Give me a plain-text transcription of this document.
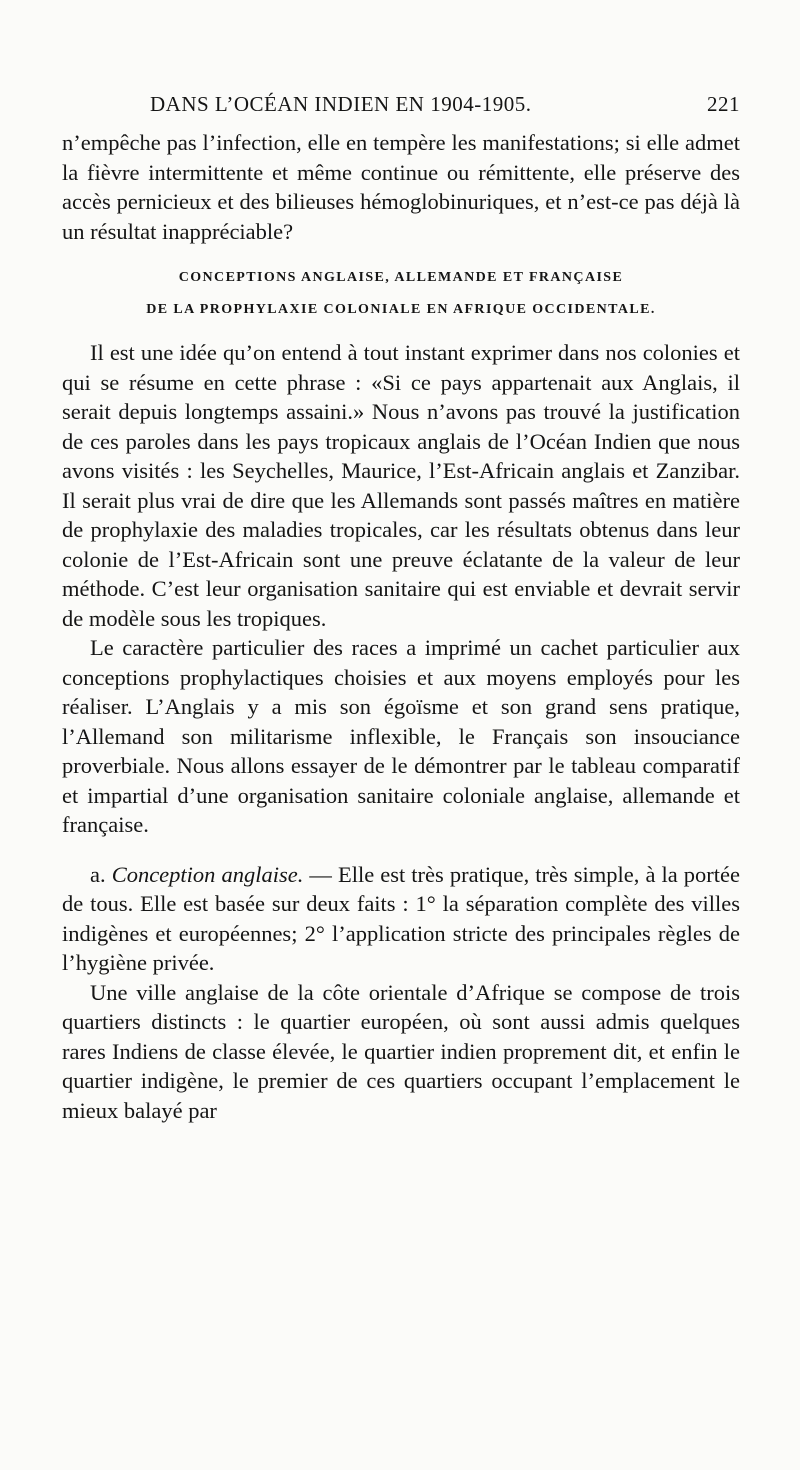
DANS L’OCÉAN INDIEN EN 1904-1905.	221

n’empêche pas l’infection, elle en tempère les manifestations; si elle admet la fièvre intermittente et même continue ou rémittente, elle préserve des accès pernicieux et des bilieuses hémoglobinuriques, et n’est-ce pas déjà là un résultat inappréciable?

CONCEPTIONS ANGLAISE, ALLEMANDE ET FRANÇAISE
DE LA PROPHYLAXIE COLONIALE EN AFRIQUE OCCIDENTALE.

Il est une idée qu’on entend à tout instant exprimer dans nos colonies et qui se résume en cette phrase : «Si ce pays appartenait aux Anglais, il serait depuis longtemps assaini.» Nous n’avons pas trouvé la justification de ces paroles dans les pays tropicaux anglais de l’Océan Indien que nous avons visités : les Seychelles, Maurice, l’Est-Africain anglais et Zanzibar. Il serait plus vrai de dire que les Allemands sont passés maîtres en matière de prophylaxie des maladies tropicales, car les résultats obtenus dans leur colonie de l’Est-Africain sont une preuve éclatante de la valeur de leur méthode. C’est leur organisation sanitaire qui est enviable et devrait servir de modèle sous les tropiques.

Le caractère particulier des races a imprimé un cachet particulier aux conceptions prophylactiques choisies et aux moyens employés pour les réaliser. L’Anglais y a mis son égoïsme et son grand sens pratique, l’Allemand son militarisme inflexible, le Français son insouciance proverbiale. Nous allons essayer de le démontrer par le tableau comparatif et impartial d’une organisation sanitaire coloniale anglaise, allemande et française.

a. Conception anglaise. — Elle est très pratique, très simple, à la portée de tous. Elle est basée sur deux faits : 1° la séparation complète des villes indigènes et européennes; 2° l’application stricte des principales règles de l’hygiène privée.

Une ville anglaise de la côte orientale d’Afrique se compose de trois quartiers distincts : le quartier européen, où sont aussi admis quelques rares Indiens de classe élevée, le quartier indien proprement dit, et enfin le quartier indigène, le premier de ces quartiers occupant l’emplacement le mieux balayé par
